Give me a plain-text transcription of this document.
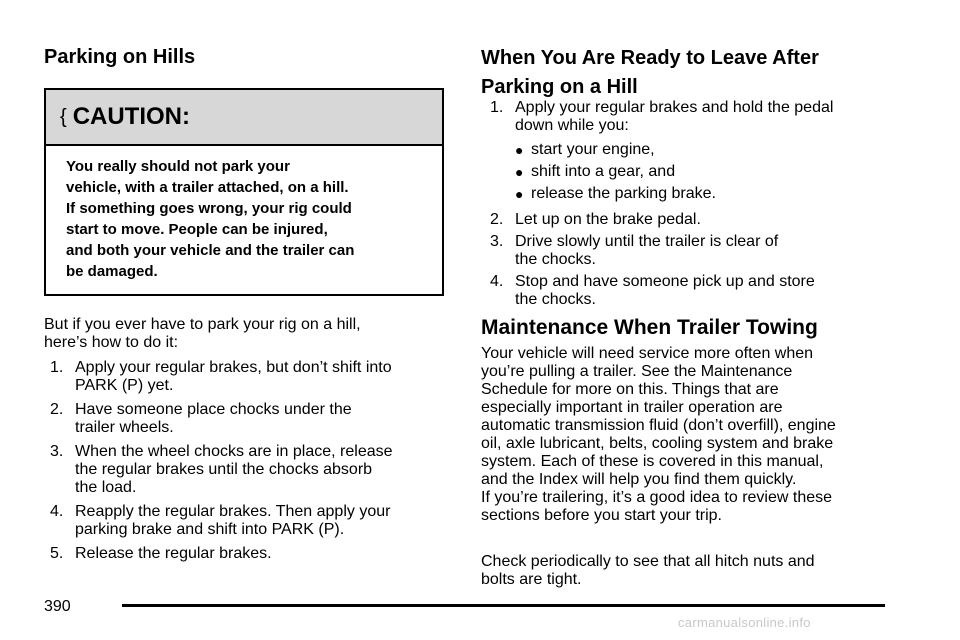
Parking on Hills
{ CAUTION:
You really should not park your
vehicle, with a trailer attached, on a hill.
If something goes wrong, your rig could
start to move. People can be injured,
and both your vehicle and the trailer can
be damaged.

But if you ever have to park your rig on a hill,
here’s how to do it:

1. Apply your regular brakes, but don’t shift into
PARK (P) yet.
2. Have someone place chocks under the
trailer wheels.
3. When the wheel chocks are in place, release
the regular brakes until the chocks absorb
the load.
4. Reapply the regular brakes. Then apply your
parking brake and shift into PARK (P).
5. Release the regular brakes.
When You Are Ready to Leave After
Parking on a Hill
1. Apply your regular brakes and hold the pedal
down while you:
● start your engine,
● shift into a gear, and
● release the parking brake.
2. Let up on the brake pedal.
3. Drive slowly until the trailer is clear of
the chocks.
4. Stop and have someone pick up and store
the chocks.
Maintenance When Trailer Towing

Your vehicle will need service more often when
you’re pulling a trailer. See the Maintenance
Schedule for more on this. Things that are
especially important in trailer operation are
automatic transmission fluid (don’t overfill), engine
oil, axle lubricant, belts, cooling system and brake
system. Each of these is covered in this manual,
and the Index will help you find them quickly.
If you’re trailering, it’s a good idea to review these
sections before you start your trip.

Check periodically to see that all hitch nuts and
bolts are tight.

390
carmanualsonline.info
